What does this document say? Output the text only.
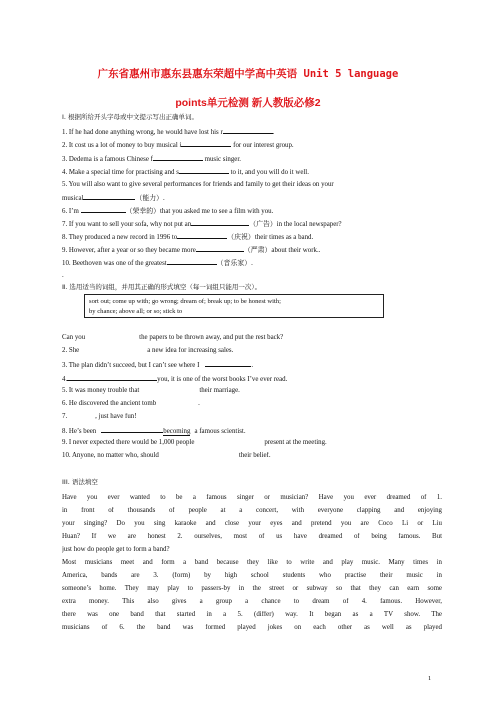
广东省惠州市惠东县惠东荣超中学高中英语 Unit 5 language
points单元检测 新人教版必修2
Ⅰ. 根据所给开头字母或中文提示写出正确单词。
1. If he had done anything wrong, he would have lost his r	.
2. It cost us a lot of money to buy musical i	for our interest group.
3. Dedema is a famous Chinese f	music singer.
4. Make a special time for practising and s	to it, and you will do it well.
5. You will also want to give several performances for friends and family to get their ideas on your
musical	（能力）.
6. I’m	（荣幸的）that you asked me to see a film with you.
7. If you want to sell your sofa, why not put an	（广告）in the local newspaper?
8. They produced a new record in 1996 to	（庆祝）their times as a band.
9. However, after a year or so they became more	（严肃）about their work..
10. Beethoven was one of the greatest	（音乐家）.
.
Ⅱ. 选用适当的词组，并用其正确的形式填空（每一词组只能用一次）。
sort out; come up with; go wrong; dream of; break up; to be honest with;
by chance; above all; or so; stick to
Can you	the papers to be thrown away, and put the rest back?
2. She	a new idea for increasing sales.
3. The plan didn’t succeed, but I can’t see where I	.
4.	you, it is one of the worst books I’ve ever read.
5. It was money trouble that	their marriage.
6. He discovered the ancient tomb	.
7.	, just have fun!
8. He’s been	becoming a famous scientist.
9. I never expected there would be 1,000 people	present at the meeting.
10. Anyone, no matter who, should	their belief.
III. 语法填空
Have you ever wanted to be a famous singer or musician? Have you ever dreamed of 1.
in front of thousands of people at a concert, with everyone clapping and enjoying
your singing? Do you sing karaoke and close your eyes and pretend you are Coco Li or Liu
Huan? If we are honest 2. ourselves, most of us have dreamed of being famous. But
just how do people get to form a band?
Most musicians meet and form a band because they like to write and play music. Many times in
America, bands are 3. (form) by high school students who practise their music in
someone’s home. They may play to passers-by in the street or subway so that they can earn some
extra money. This also gives a group a chance to dream of 4. famous. However,
there was one band that started in a 5. (differ) way. It began as a TV show. The
musicians of 6. the band was formed played jokes on each other as well as played
1
